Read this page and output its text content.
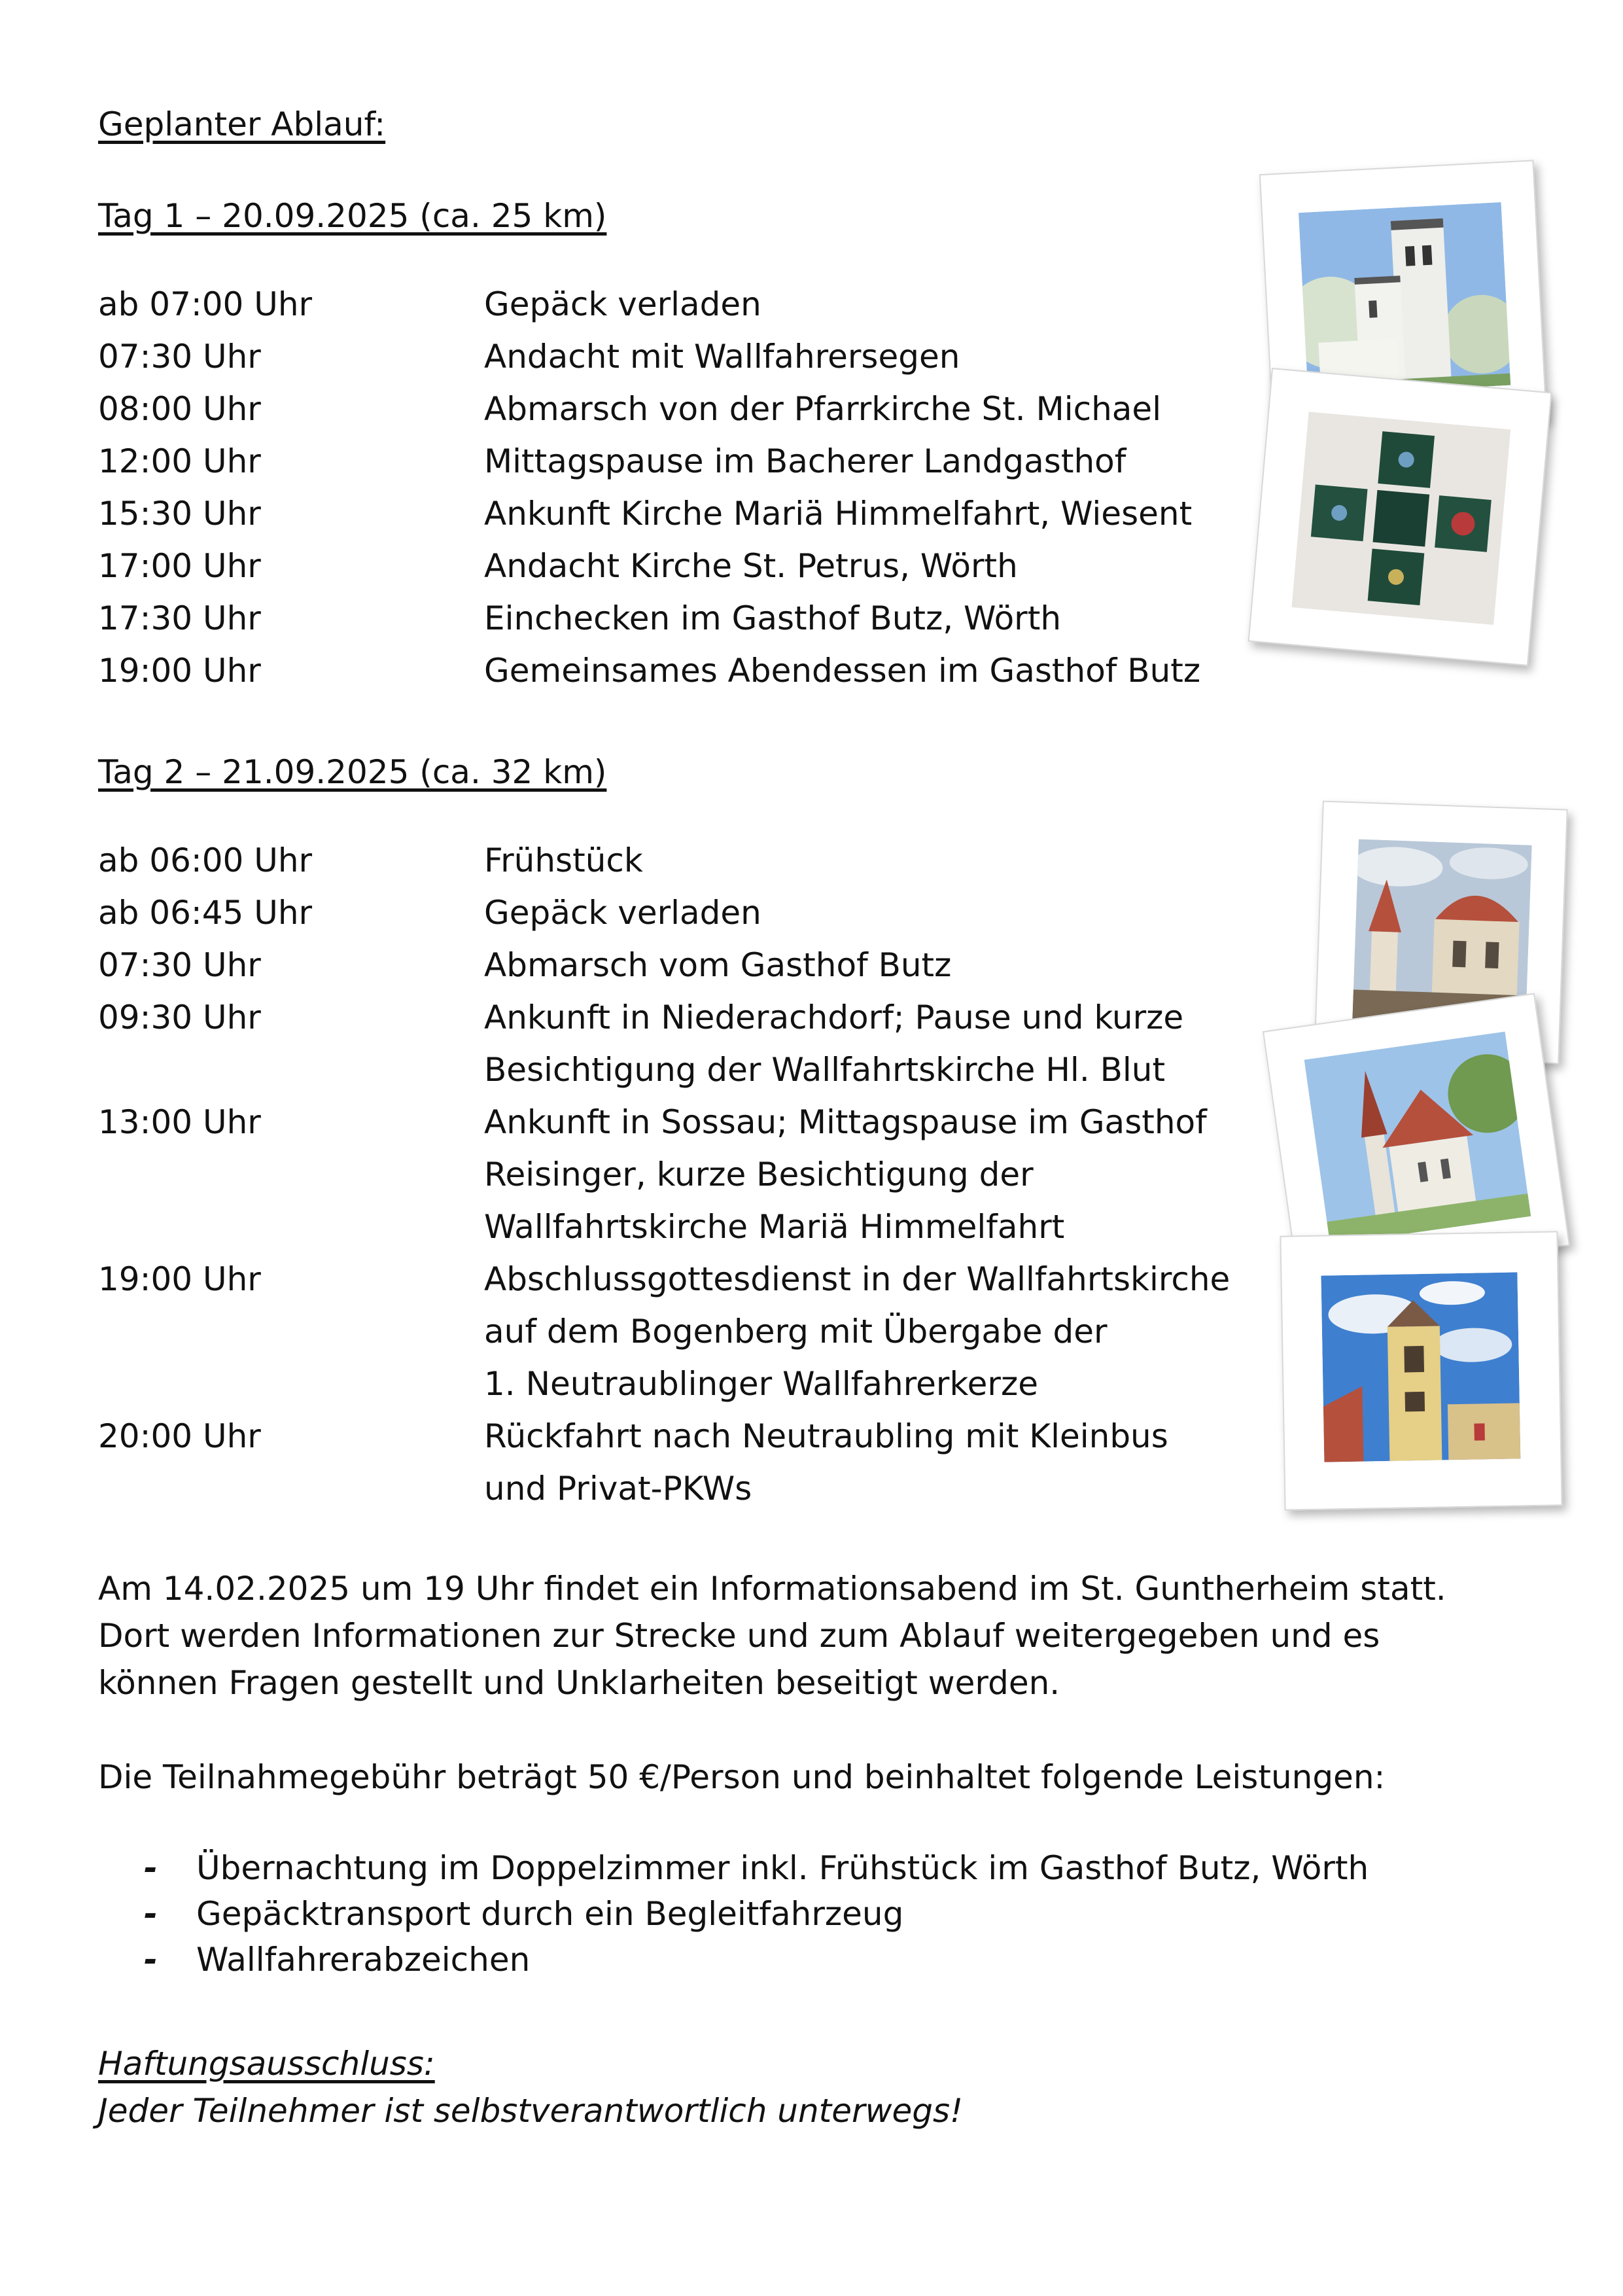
Geplanter Ablauf:
Tag 1 – 20.09.2025 (ca. 25 km)
ab 07:00 Uhr	Gepäck verladen
07:30 Uhr	Andacht mit Wallfahrersegen
08:00 Uhr	Abmarsch von der Pfarrkirche St. Michael
12:00 Uhr	Mittagspause im Bacherer Landgasthof
15:30 Uhr	Ankunft Kirche Mariä Himmelfahrt, Wiesent
17:00 Uhr	Andacht Kirche St. Petrus, Wörth
17:30 Uhr	Einchecken im Gasthof Butz, Wörth
19:00 Uhr	Gemeinsames Abendessen im Gasthof Butz
Tag 2 – 21.09.2025 (ca. 32 km)
ab 06:00 Uhr	Frühstück
ab 06:45 Uhr	Gepäck verladen
07:30 Uhr	Abmarsch vom Gasthof Butz
09:30 Uhr	Ankunft in Niederachdorf; Pause und kurze
Besichtigung der Wallfahrtskirche Hl. Blut
13:00 Uhr	Ankunft in Sossau; Mittagspause im Gasthof
Reisinger, kurze Besichtigung der
Wallfahrtskirche Mariä Himmelfahrt
19:00 Uhr	Abschlussgottesdienst in der Wallfahrtskirche
auf dem Bogenberg mit Übergabe der
1. Neutraublinger Wallfahrerkerze
20:00 Uhr	Rückfahrt nach Neutraubling mit Kleinbus
und Privat-PKWs

Am 14.02.2025 um 19 Uhr findet ein Informationsabend im St. Guntherheim statt.

Dort werden Informationen zur Strecke und zum Ablauf weitergegeben und es

können Fragen gestellt und Unklarheiten beseitigt werden.

Die Teilnahmegebühr beträgt 50 €/Person und beinhaltet folgende Leistungen:

-	Übernachtung im Doppelzimmer inkl. Frühstück im Gasthof Butz, Wörth
-	Gepäcktransport durch ein Begleitfahrzeug
-	Wallfahrerabzeichen
Haftungsausschluss:
Jeder Teilnehmer ist selbstverantwortlich unterwegs!
